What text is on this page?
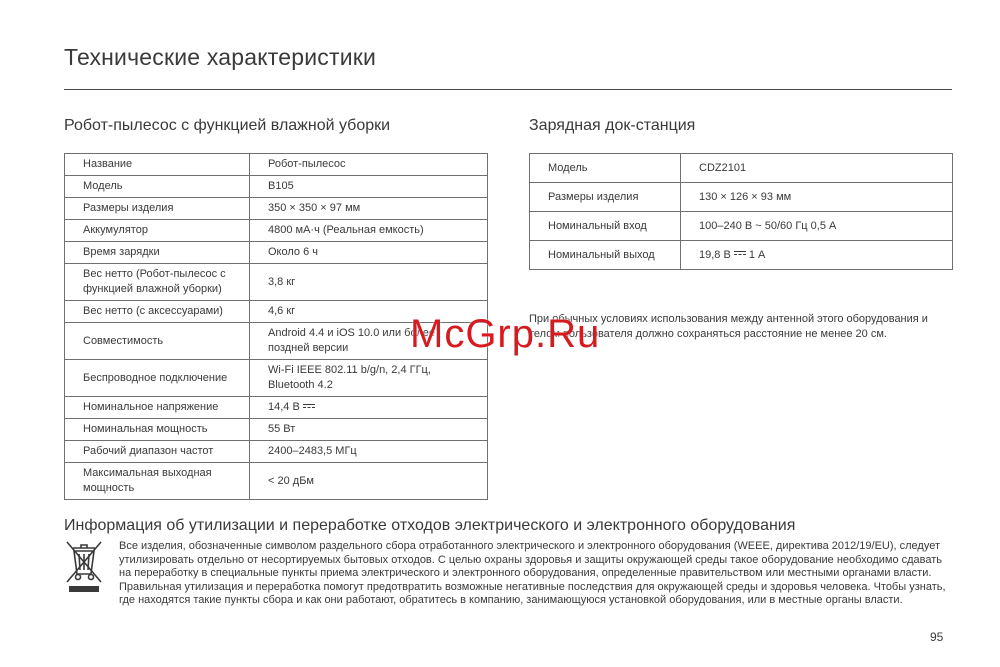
Технические характеристики
Робот-пылесос с функцией влажной уборки
Название	Робот-пылесос
Модель	B105
Размеры изделия	350 × 350 × 97 мм
Аккумулятор	4800 мА·ч (Реальная емкость)
Время зарядки	Около 6 ч
Вес нетто (Робот-пылесос с функцией влажной уборки)	3,8 кг
Вес нетто (с аксессуарами)	4,6 кг
Совместимость	Android 4.4 и iOS 10.0 или более поздней версии
Беспроводное подключение	Wi-Fi IEEE 802.11 b/g/n, 2,4 ГГц, Bluetooth 4.2
Номинальное напряжение	14,4 В
Номинальная мощность	55 Вт
Рабочий диапазон частот	2400–2483,5 МГц
Максимальная выходная мощность	< 20 дБм
Зарядная док-станция
Модель	CDZ2101
Размеры изделия	130 × 126 × 93 мм
Номинальный вход	100–240 В ~ 50/60 Гц 0,5 А
Номинальный выход	19,8 В 1 А
При обычных условиях использования между антенной этого оборудования и телом пользователя должно сохраняться расстояние не менее 20 см.
McGrp.Ru
Информация об утилизации и переработке отходов электрического и электронного оборудования
Все изделия, обозначенные символом раздельного сбора отработанного электрического и электронного оборудования (WEEE, директива 2012/19/EU), следует утилизировать отдельно от несортируемых бытовых отходов. С целью охраны здоровья и защиты окружающей среды такое оборудование необходимо сдавать на переработку в специальные пункты приема электрического и электронного оборудования, определенные правительством или местными органами власти. Правильная утилизация и переработка помогут предотвратить возможные негативные последствия для окружающей среды и здоровья человека. Чтобы узнать, где находятся такие пункты сбора и как они работают, обратитесь в компанию, занимающуюся установкой оборудования, или в местные органы власти.
95
